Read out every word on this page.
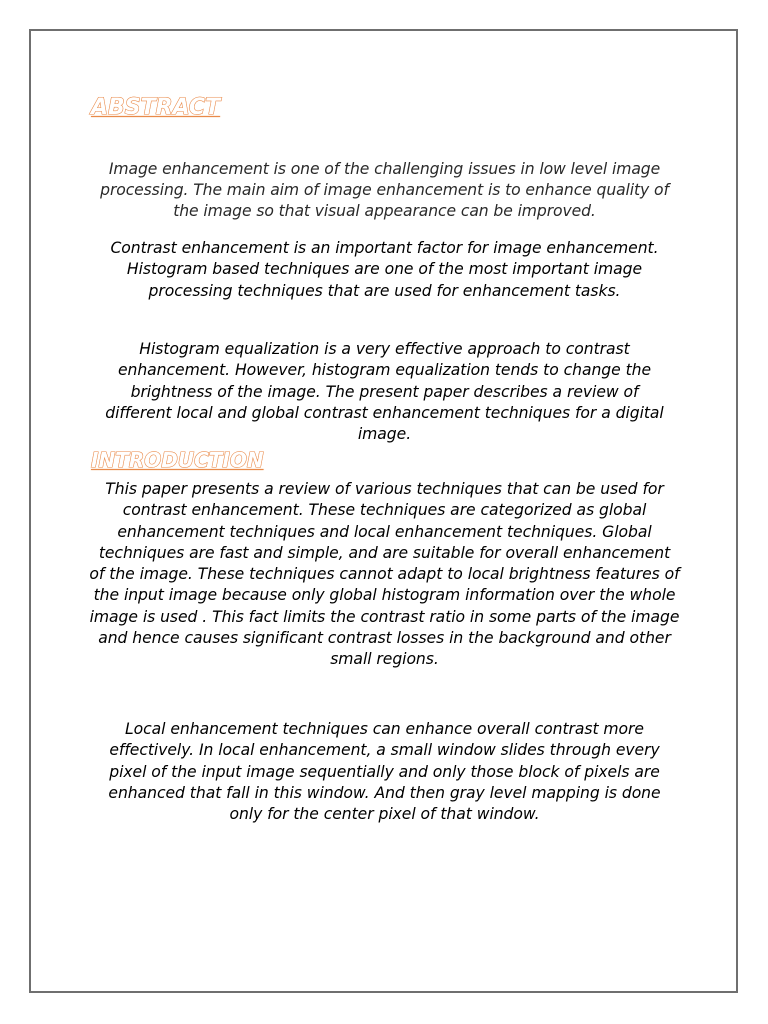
ABSTRACT

Image enhancement is one of the challenging issues in low level image processing. The main aim of image enhancement is to enhance quality of the image so that visual appearance can be improved.

Contrast enhancement is an important factor for image enhancement. Histogram based techniques are one of the most important image processing techniques that are used for enhancement tasks.

Histogram equalization is a very effective approach to contrast enhancement. However, histogram equalization tends to change the brightness of the image. The present paper describes a review of different local and global contrast enhancement techniques for a digital image.

INTRODUCTION

This paper presents a review of various techniques that can be used for contrast enhancement. These techniques are categorized as global enhancement techniques and local enhancement techniques. Global techniques are fast and simple, and are suitable for overall enhancement of the image. These techniques cannot adapt to local brightness features of the input image because only global histogram information over the whole image is used . This fact limits the contrast ratio in some parts of the image and hence causes significant contrast losses in the background and other small regions.

Local enhancement techniques can enhance overall contrast more effectively. In local enhancement, a small window slides through every pixel of the input image sequentially and only those block of pixels are enhanced that fall in this window. And then gray level mapping is done only for the center pixel of that window.
